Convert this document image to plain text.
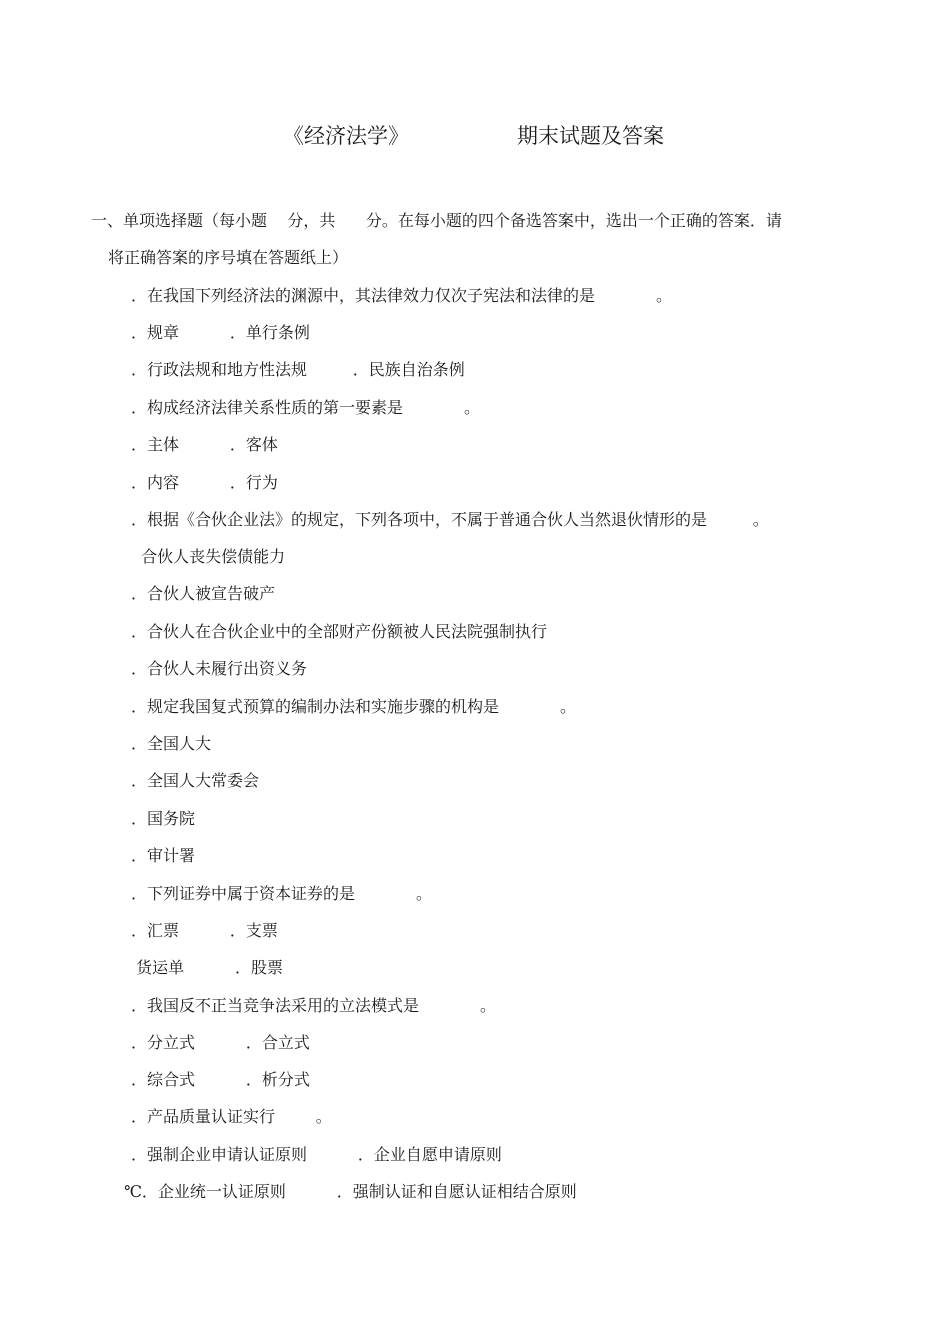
《经济法学》	期末试题及答案
一、单项选择题（每小题    分，共      分。在每小题的四个备选答案中，选出一个正确的答案．请
将正确答案的序号填在答题纸上）
．在我国下列经济法的渊源中，其法律效力仅次子宪法和法律的是            。
．规章          ．单行条例
．行政法规和地方性法规         ．民族自治条例
．构成经济法律关系性质的第一要素是            。
．主体          ．客体
．内容          ．行为
．根据《合伙企业法》的规定，下列各项中，不属于普通合伙人当然退伙情形的是         。
合伙人丧失偿债能力
．合伙人被宣告破产
．合伙人在合伙企业中的全部财产份额被人民法院强制执行
．合伙人未履行出资义务
．规定我国复式预算的编制办法和实施步骤的机构是            。
．全国人大
．全国人大常委会
．国务院
．审计署
．下列证券中属于资本证券的是            。
．汇票          ．支票
货运单          ．股票
．我国反不正当竞争法采用的立法模式是            。
．分立式          ．合立式
．综合式          ．析分式
．产品质量认证实行        。
．强制企业申请认证原则          ．企业自愿申请原则
℃．企业统一认证原则          ．强制认证和自愿认证相结合原则
